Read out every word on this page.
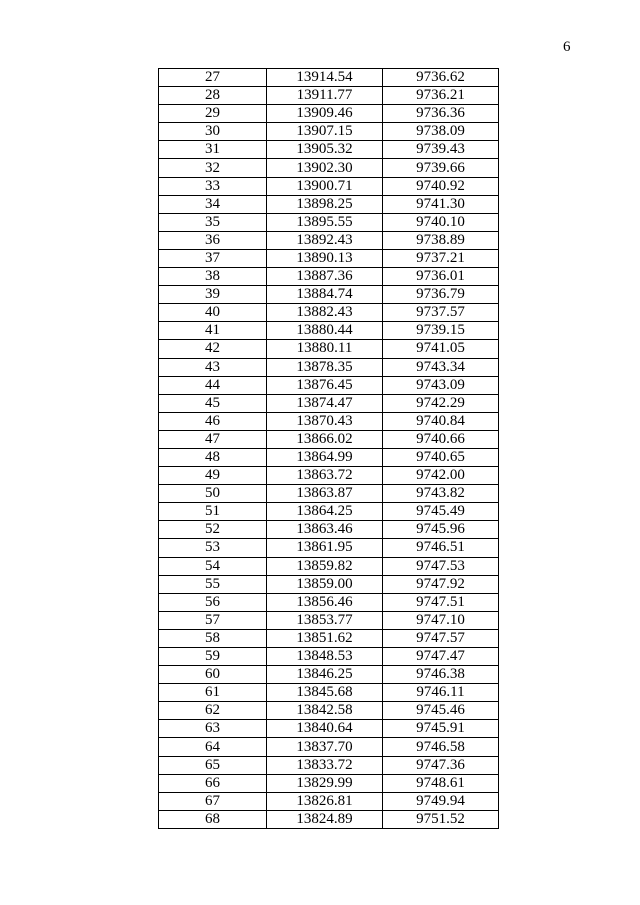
6
27	13914.54	9736.62
28	13911.77	9736.21
29	13909.46	9736.36
30	13907.15	9738.09
31	13905.32	9739.43
32	13902.30	9739.66
33	13900.71	9740.92
34	13898.25	9741.30
35	13895.55	9740.10
36	13892.43	9738.89
37	13890.13	9737.21
38	13887.36	9736.01
39	13884.74	9736.79
40	13882.43	9737.57
41	13880.44	9739.15
42	13880.11	9741.05
43	13878.35	9743.34
44	13876.45	9743.09
45	13874.47	9742.29
46	13870.43	9740.84
47	13866.02	9740.66
48	13864.99	9740.65
49	13863.72	9742.00
50	13863.87	9743.82
51	13864.25	9745.49
52	13863.46	9745.96
53	13861.95	9746.51
54	13859.82	9747.53
55	13859.00	9747.92
56	13856.46	9747.51
57	13853.77	9747.10
58	13851.62	9747.57
59	13848.53	9747.47
60	13846.25	9746.38
61	13845.68	9746.11
62	13842.58	9745.46
63	13840.64	9745.91
64	13837.70	9746.58
65	13833.72	9747.36
66	13829.99	9748.61
67	13826.81	9749.94
68	13824.89	9751.52
